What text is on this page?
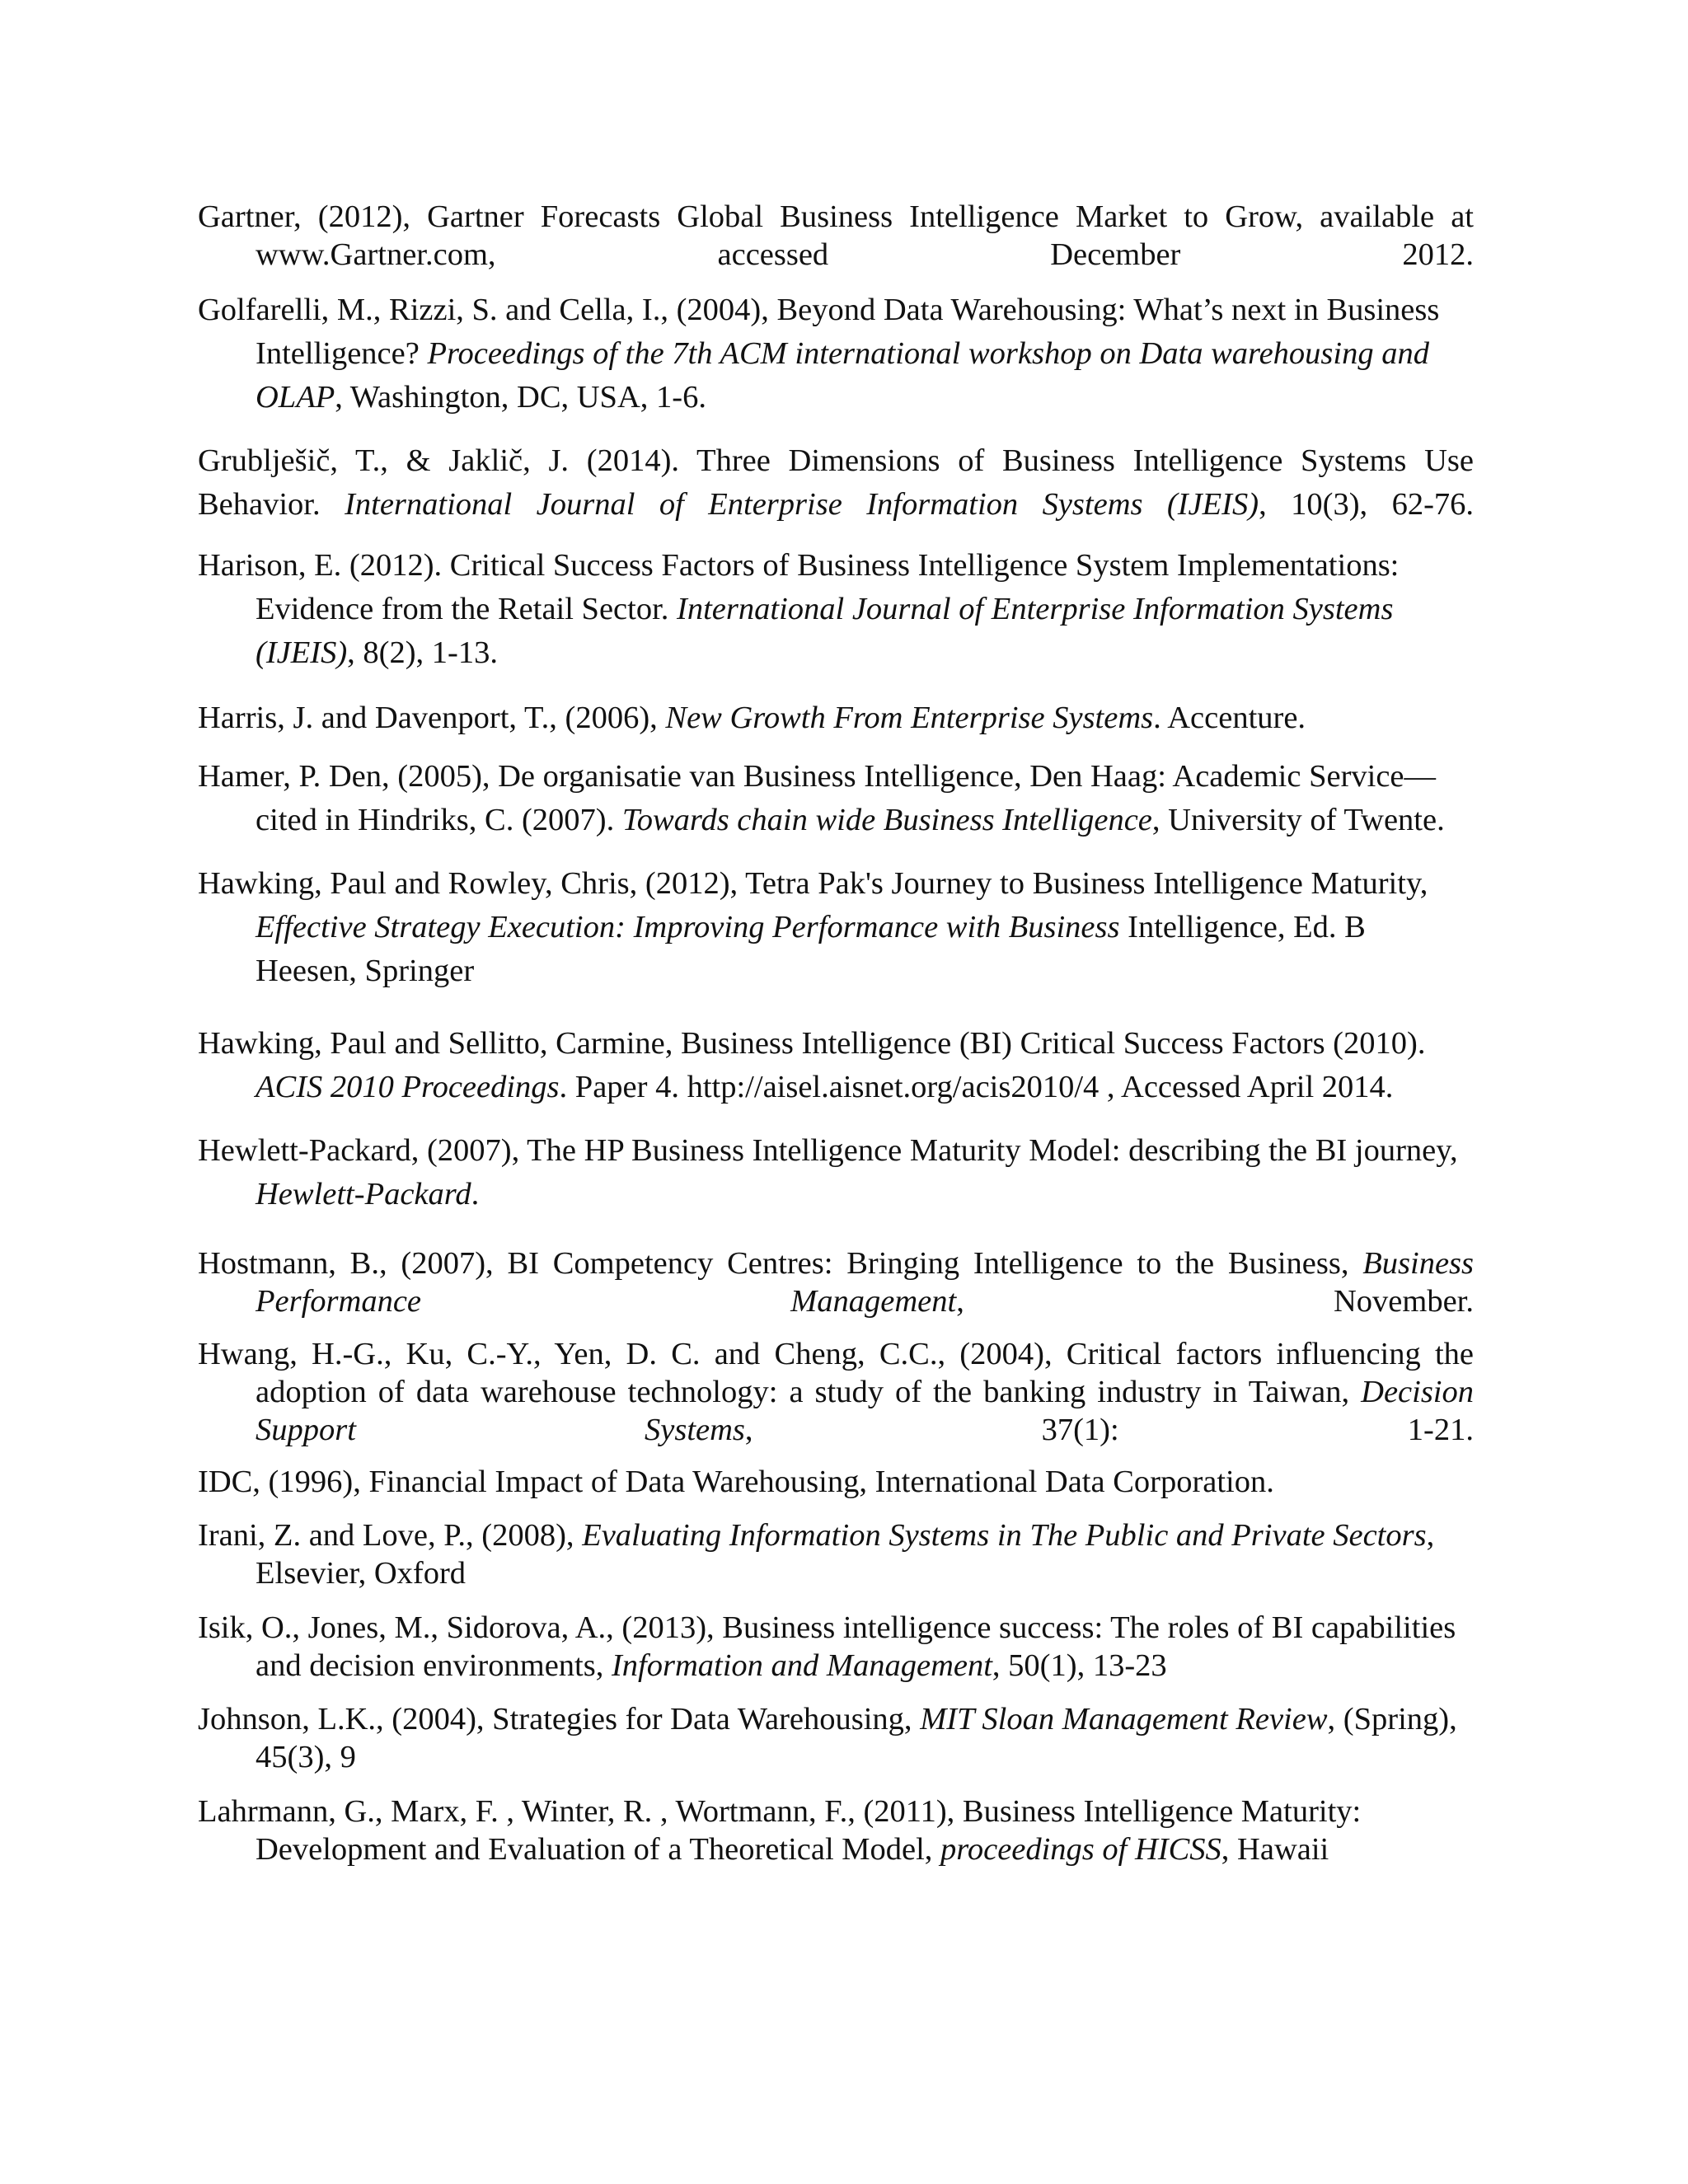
Gartner, (2012), Gartner Forecasts Global Business Intelligence Market to Grow, available at www.Gartner.com, accessed December 2012.

Golfarelli, M., Rizzi, S. and Cella, I., (2004), Beyond Data Warehousing: What’s next in Business Intelligence? Proceedings of the 7th ACM international workshop on Data warehousing and OLAP, Washington, DC, USA, 1-6.

Grublješič, T., & Jaklič, J. (2014). Three Dimensions of Business Intelligence Systems Use Behavior. International Journal of Enterprise Information Systems (IJEIS), 10(3), 62-76.

Harison, E. (2012). Critical Success Factors of Business Intelligence System Implementations: Evidence from the Retail Sector. International Journal of Enterprise Information Systems (IJEIS), 8(2), 1-13.

Harris, J. and Davenport, T., (2006), New Growth From Enterprise Systems. Accenture.

Hamer, P. Den, (2005), De organisatie van Business Intelligence, Den Haag: Academic Service— cited in Hindriks, C. (2007). Towards chain wide Business Intelligence, University of Twente.

Hawking, Paul and Rowley, Chris, (2012), Tetra Pak's Journey to Business Intelligence Maturity, Effective Strategy Execution: Improving Performance with Business Intelligence, Ed. B Heesen, Springer

Hawking, Paul and Sellitto, Carmine, Business Intelligence (BI) Critical Success Factors (2010). ACIS 2010 Proceedings. Paper 4. http://aisel.aisnet.org/acis2010/4 , Accessed April 2014.

Hewlett-Packard, (2007), The HP Business Intelligence Maturity Model: describing the BI journey, Hewlett-Packard.

Hostmann, B., (2007), BI Competency Centres: Bringing Intelligence to the Business, Business Performance Management, November.

Hwang, H.-G., Ku, C.-Y., Yen, D. C. and Cheng, C.C., (2004), Critical factors influencing the adoption of data warehouse technology: a study of the banking industry in Taiwan, Decision Support Systems, 37(1): 1-21.

IDC, (1996), Financial Impact of Data Warehousing, International Data Corporation.

Irani, Z. and Love, P., (2008), Evaluating Information Systems in The Public and Private Sectors, Elsevier, Oxford

Isik, O., Jones, M., Sidorova, A., (2013), Business intelligence success: The roles of BI capabilities and decision environments, Information and Management, 50(1), 13-23

Johnson, L.K., (2004), Strategies for Data Warehousing, MIT Sloan Management Review, (Spring), 45(3), 9

Lahrmann, G., Marx, F. , Winter, R. , Wortmann, F., (2011), Business Intelligence Maturity: Development and Evaluation of a Theoretical Model, proceedings of HICSS, Hawaii
